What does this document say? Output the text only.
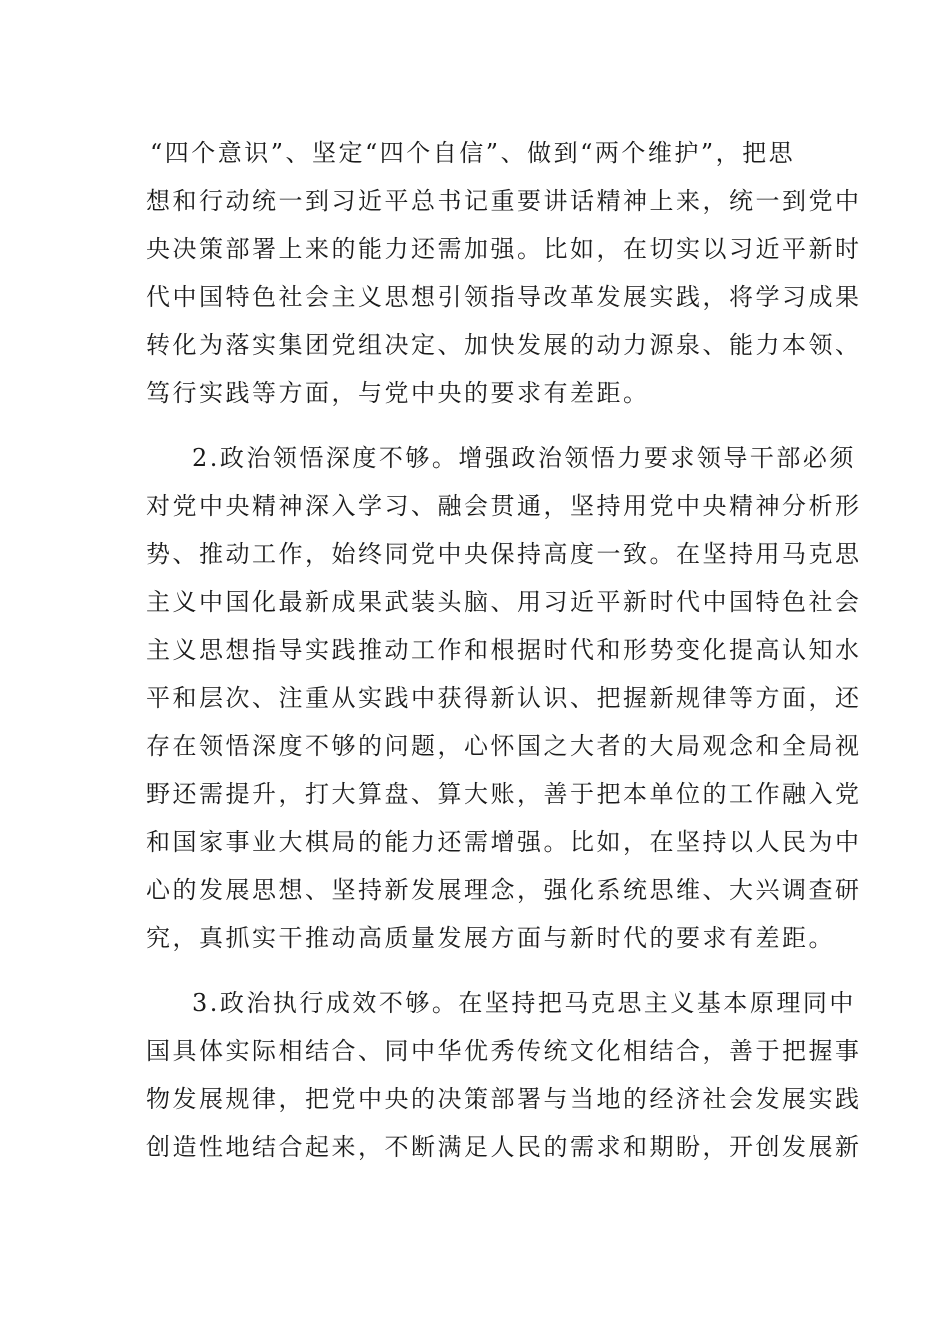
“四个意识”、坚定“四个自信”、做到“两个维护”，把思
想和行动统一到习近平总书记重要讲话精神上来，统一到党中
央决策部署上来的能力还需加强。比如，在切实以习近平新时
代中国特色社会主义思想引领指导改革发展实践，将学习成果
转化为落实集团党组决定、加快发展的动力源泉、能力本领、
笃行实践等方面，与党中央的要求有差距。
2.政治领悟深度不够。增强政治领悟力要求领导干部必须
对党中央精神深入学习、融会贯通，坚持用党中央精神分析形
势、推动工作，始终同党中央保持高度一致。在坚持用马克思
主义中国化最新成果武装头脑、用习近平新时代中国特色社会
主义思想指导实践推动工作和根据时代和形势变化提高认知水
平和层次、注重从实践中获得新认识、把握新规律等方面，还
存在领悟深度不够的问题，心怀国之大者的大局观念和全局视
野还需提升，打大算盘、算大账，善于把本单位的工作融入党
和国家事业大棋局的能力还需增强。比如，在坚持以人民为中
心的发展思想、坚持新发展理念，强化系统思维、大兴调查研
究，真抓实干推动高质量发展方面与新时代的要求有差距。
3.政治执行成效不够。在坚持把马克思主义基本原理同中
国具体实际相结合、同中华优秀传统文化相结合，善于把握事
物发展规律，把党中央的决策部署与当地的经济社会发展实践
创造性地结合起来，不断满足人民的需求和期盼，开创发展新
